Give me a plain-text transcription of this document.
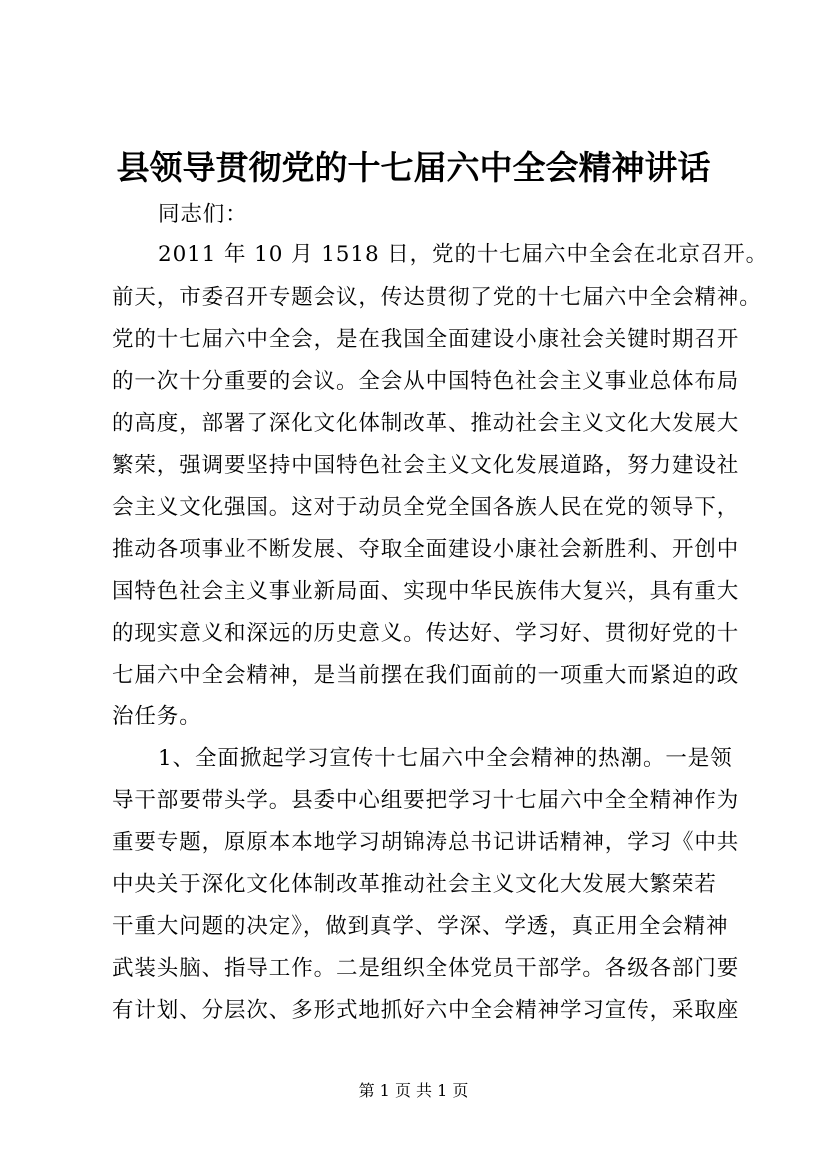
县领导贯彻党的十七届六中全会精神讲话

同志们：

2011 年 10 月 1518 日，党的十七届六中全会在北京召开。

前天，市委召开专题会议，传达贯彻了党的十七届六中全会精神。

党的十七届六中全会，是在我国全面建设小康社会关键时期召开

的一次十分重要的会议。全会从中国特色社会主义事业总体布局

的高度，部署了深化文化体制改革、推动社会主义文化大发展大

繁荣，强调要坚持中国特色社会主义文化发展道路，努力建设社

会主义文化强国。这对于动员全党全国各族人民在党的领导下，

推动各项事业不断发展、夺取全面建设小康社会新胜利、开创中

国特色社会主义事业新局面、实现中华民族伟大复兴，具有重大

的现实意义和深远的历史意义。传达好、学习好、贯彻好党的十

七届六中全会精神，是当前摆在我们面前的一项重大而紧迫的政

治任务。

1、全面掀起学习宣传十七届六中全会精神的热潮。一是领

导干部要带头学。县委中心组要把学习十七届六中全全精神作为

重要专题，原原本本地学习胡锦涛总书记讲话精神，学习《中共

中央关于深化文化体制改革推动社会主义文化大发展大繁荣若

干重大问题的决定》，做到真学、学深、学透，真正用全会精神

武装头脑、指导工作。二是组织全体党员干部学。各级各部门要

有计划、分层次、多形式地抓好六中全会精神学习宣传，采取座

第 1 页 共 1 页
